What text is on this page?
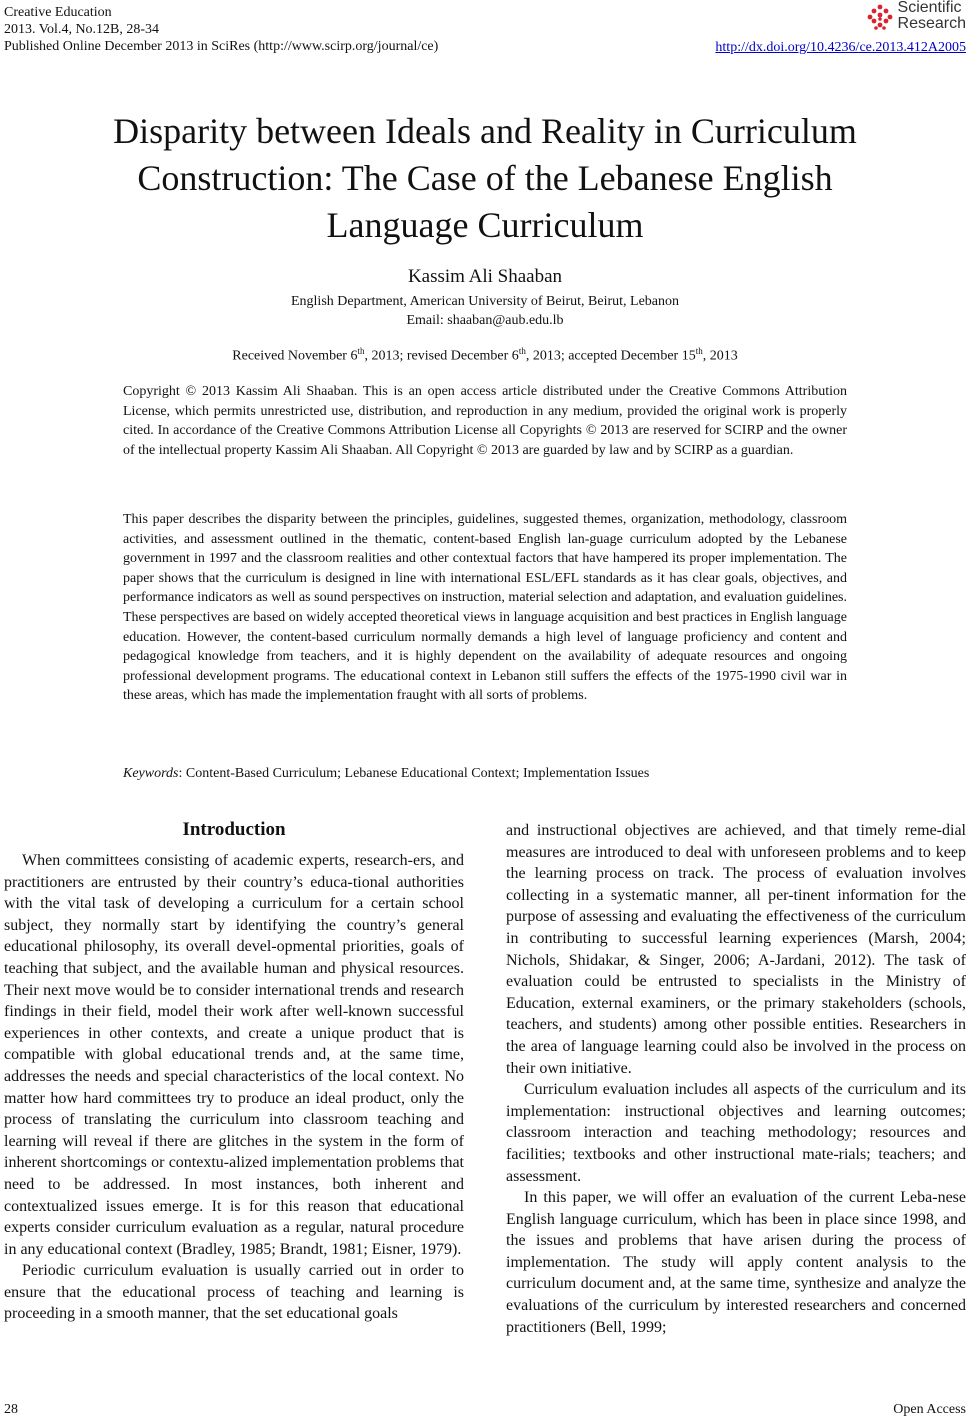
Creative Education
2013. Vol.4, No.12B, 28-34
Published Online December 2013 in SciRes (http://www.scirp.org/journal/ce)
Scientific
Research
http://dx.doi.org/10.4236/ce.2013.412A2005
Disparity between Ideals and Reality in Curriculum Construction: The Case of the Lebanese English Language Curriculum
Kassim Ali Shaaban
English Department, American University of Beirut, Beirut, Lebanon
Email: shaaban@aub.edu.lb
Received November 6th, 2013; revised December 6th, 2013; accepted December 15th, 2013
Copyright © 2013 Kassim Ali Shaaban. This is an open access article distributed under the Creative Commons Attribution License, which permits unrestricted use, distribution, and reproduction in any medium, provided the original work is properly cited. In accordance of the Creative Commons Attribution License all Copyrights © 2013 are reserved for SCIRP and the owner of the intellectual property Kassim Ali Shaaban. All Copyright © 2013 are guarded by law and by SCIRP as a guardian.
This paper describes the disparity between the principles, guidelines, suggested themes, organization, methodology, classroom activities, and assessment outlined in the thematic, content-based English lan-guage curriculum adopted by the Lebanese government in 1997 and the classroom realities and other contextual factors that have hampered its proper implementation. The paper shows that the curriculum is designed in line with international ESL/EFL standards as it has clear goals, objectives, and performance indicators as well as sound perspectives on instruction, material selection and adaptation, and evaluation guidelines. These perspectives are based on widely accepted theoretical views in language acquisition and best practices in English language education. However, the content-based curriculum normally demands a high level of language proficiency and content and pedagogical knowledge from teachers, and it is highly dependent on the availability of adequate resources and ongoing professional development programs. The educational context in Lebanon still suffers the effects of the 1975-1990 civil war in these areas, which has made the implementation fraught with all sorts of problems.
Keywords: Content-Based Curriculum; Lebanese Educational Context; Implementation Issues
Introduction

When committees consisting of academic experts, research-ers, and practitioners are entrusted by their country’s educa-tional authorities with the vital task of developing a curriculum for a certain school subject, they normally start by identifying the country’s general educational philosophy, its overall devel-opmental priorities, goals of teaching that subject, and the available human and physical resources. Their next move would be to consider international trends and research findings in their field, model their work after well-known successful experiences in other contexts, and create a unique product that is compatible with global educational trends and, at the same time, addresses the needs and special characteristics of the local context. No matter how hard committees try to produce an ideal product, only the process of translating the curriculum into classroom teaching and learning will reveal if there are glitches in the system in the form of inherent shortcomings or contextu-alized implementation problems that need to be addressed. In most instances, both inherent and contextualized issues emerge. It is for this reason that educational experts consider curriculum evaluation as a regular, natural procedure in any educational context (Bradley, 1985; Brandt, 1981; Eisner, 1979).

Periodic curriculum evaluation is usually carried out in order to ensure that the educational process of teaching and learning is proceeding in a smooth manner, that the set educational goals

and instructional objectives are achieved, and that timely reme-dial measures are introduced to deal with unforeseen problems and to keep the learning process on track. The process of evaluation involves collecting in a systematic manner, all per-tinent information for the purpose of assessing and evaluating the effectiveness of the curriculum in contributing to successful learning experiences (Marsh, 2004; Nichols, Shidakar, & Singer, 2006; A-Jardani, 2012). The task of evaluation could be entrusted to specialists in the Ministry of Education, external examiners, or the primary stakeholders (schools, teachers, and students) among other possible entities. Researchers in the area of language learning could also be involved in the process on their own initiative.

Curriculum evaluation includes all aspects of the curriculum and its implementation: instructional objectives and learning outcomes; classroom interaction and teaching methodology; resources and facilities; textbooks and other instructional mate-rials; teachers; and assessment.

In this paper, we will offer an evaluation of the current Leba-nese English language curriculum, which has been in place since 1998, and the issues and problems that have arisen during the process of implementation. The study will apply content analysis to the curriculum document and, at the same time, synthesize and analyze the evaluations of the curriculum by interested researchers and concerned practitioners (Bell, 1999;

28	Open Access
